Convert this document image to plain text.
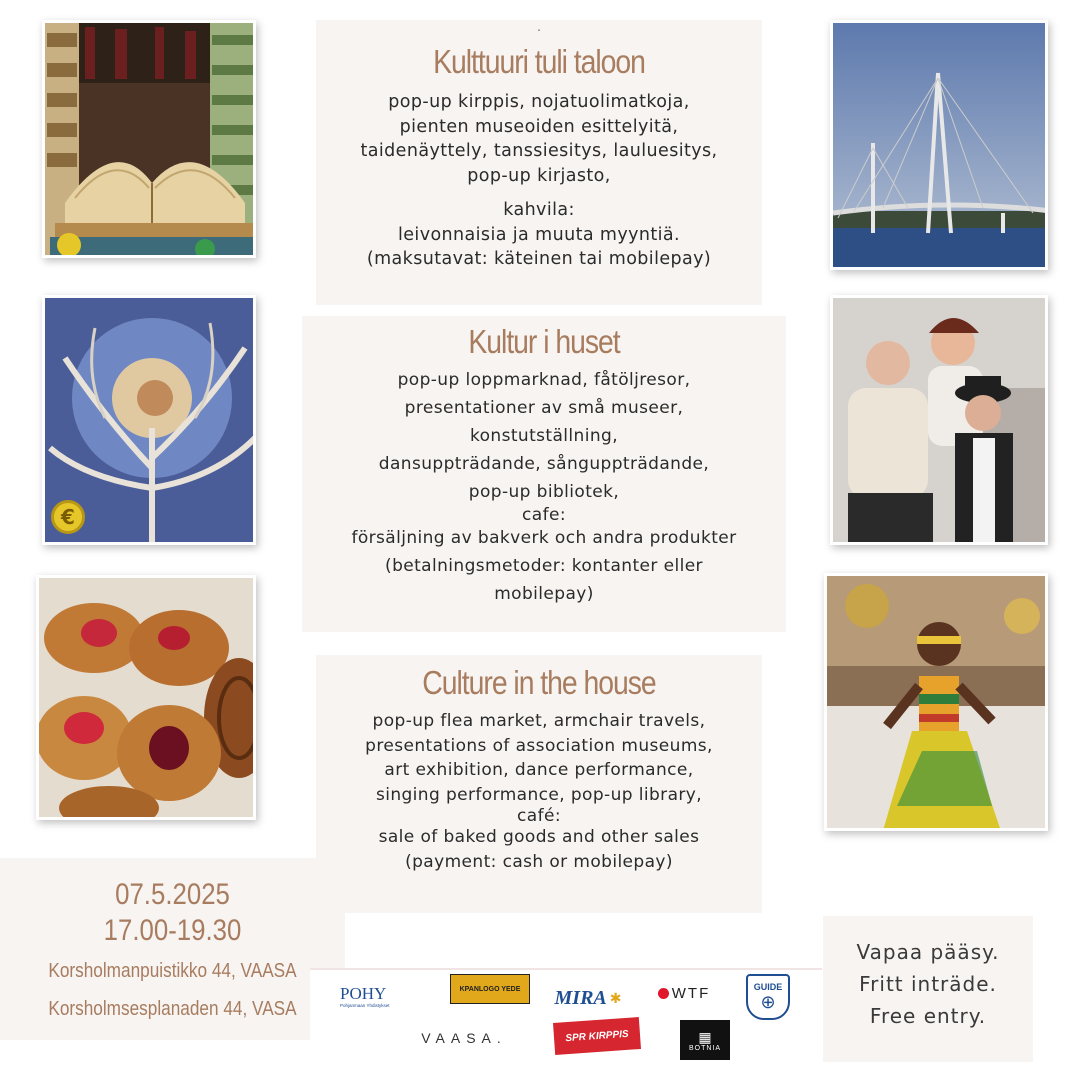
€
.
Kulttuuri tuli taloon
pop-up kirppis, nojatuolimatkoja,
pienten museoiden esittelyitä,
taidenäyttely, tanssiesitys, lauluesitys,
pop-up kirjasto,
kahvila:
leivonnaisia ja muuta myyntiä.
(maksutavat: käteinen tai mobilepay)
Kultur i huset
pop-up loppmarknad, fåtöljresor,
presentationer av små museer,
konstutställning,
dansuppträdande, sånguppträdande,
pop-up bibliotek,
cafe:
försäljning av bakverk och andra produkter
(betalningsmetoder: kontanter eller
mobilepay)
Culture in the house
pop-up flea market, armchair travels,
presentations of association museums,
art exhibition, dance performance,
singing performance, pop-up library,
café:
sale of baked goods and other sales
(payment: cash or mobilepay)
07.5.2025
17.00-19.30
Korsholmanpuistikko 44, VAASA
Korsholmsesplanaden 44, VASA
Vapaa pääsy.
Fritt inträde.
Free entry.
POHY
Pohjanmaan Yhdistykset
KPANLOGO YEDE MIRA ✱	WTF	GUIDE
⊕
VAASA.	SPR KIRPPIS	▦
BOTNIA
